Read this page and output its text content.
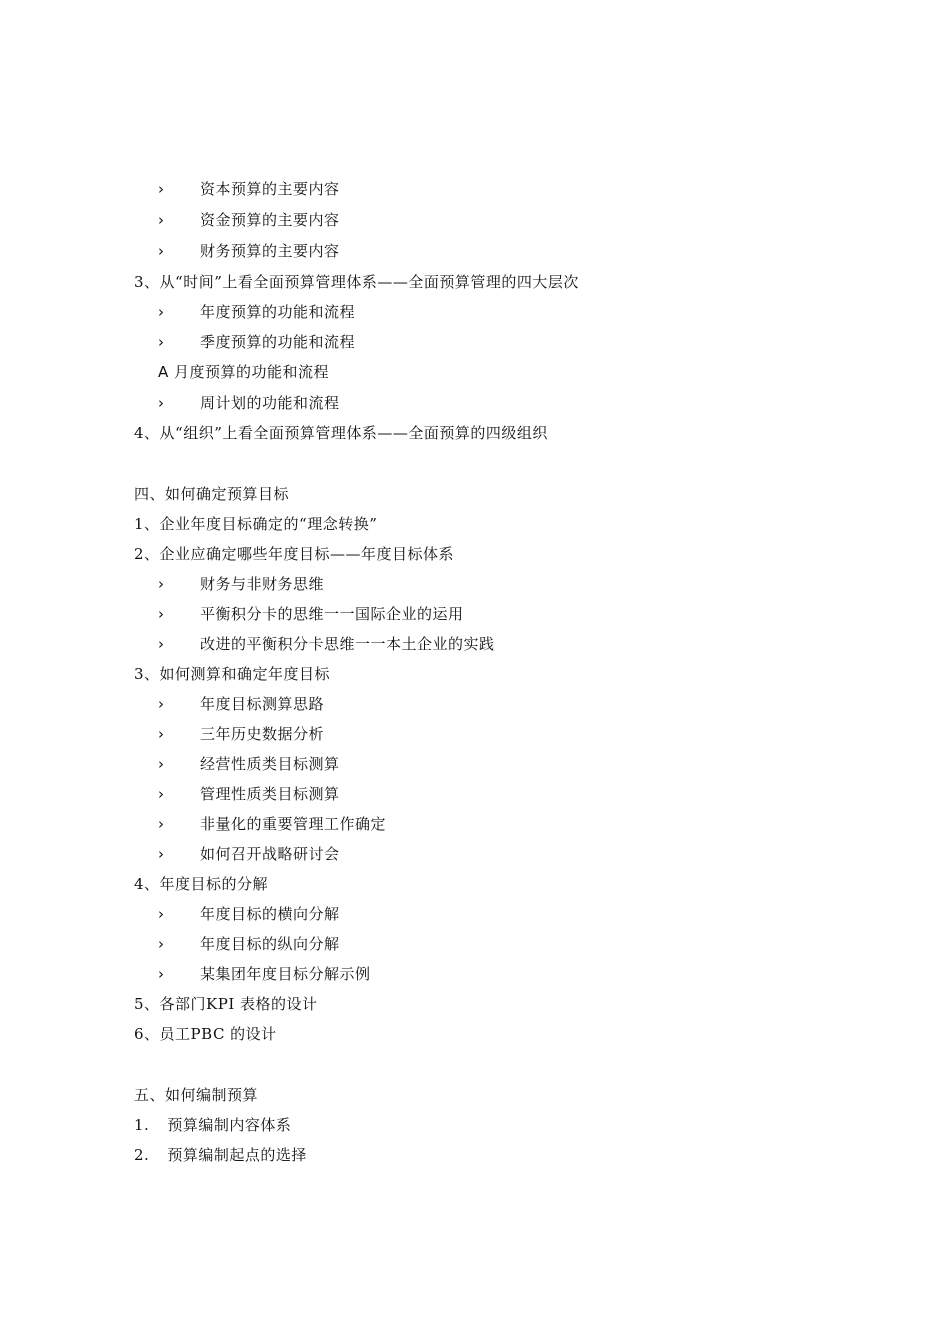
› 资本预算的主要内容
› 资金预算的主要内容
› 财务预算的主要内容
3、从“时间”上看全面预算管理体系——全面预算管理的四大层次
› 年度预算的功能和流程
› 季度预算的功能和流程
A 月度预算的功能和流程
› 周计划的功能和流程
4、从“组织”上看全面预算管理体系——全面预算的四级组织
四、如何确定预算目标
1、企业年度目标确定的“理念转换”
2、企业应确定哪些年度目标——年度目标体系
› 财务与非财务思维
› 平衡积分卡的思维一一国际企业的运用
› 改进的平衡积分卡思维一一本土企业的实践
3、如何测算和确定年度目标
› 年度目标测算思路
› 三年历史数据分析
› 经营性质类目标测算
› 管理性质类目标测算
› 非量化的重要管理工作确定
› 如何召开战略研讨会
4、年度目标的分解
› 年度目标的横向分解
› 年度目标的纵向分解
› 某集团年度目标分解示例
5、各部门KPI 表格的设计
6、员工PBC 的设计
五、如何编制预算
1. 预算编制内容体系
2. 预算编制起点的选择
